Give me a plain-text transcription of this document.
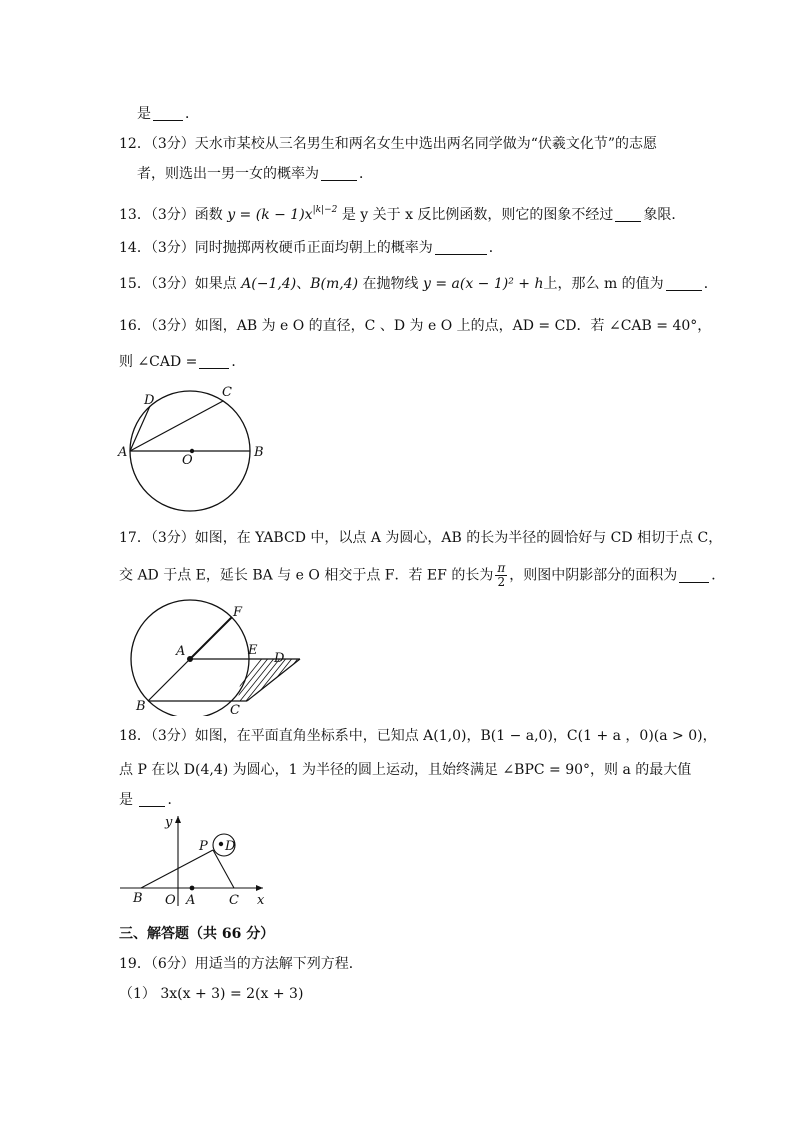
是 ．
12．（3分）天水市某校从三名男生和两名女生中选出两名同学做为“伏羲文化节”的志愿
者，则选出一男一女的概率为	．
13．（3分）函数 $y = (k - 1)x^{|k|-2}$ 是 y 关于 x 反比例函数，则它的图象不经过 象限．
14．（3分）同时抛掷两枚硬币正面均朝上的概率为	．
15．（3分）如果点 A(−1,4)、B(m,4) 在抛物线 y = a(x − 1)² + h上，那么 m 的值为	．
16．（3分）如图，AB 为 e O 的直径，C 、D 为 e O 上的点，AD = CD．若 ∠CAB = 40°，
则 ∠CAD = ．
A	B
C
D
O
17．（3分）如图，在 YABCD 中，以点 A 为圆心，AB 的长为半径的圆恰好与 CD 相切于点 C，
交 AD 于点 E，延长 BA 与 e O 相交于点 F．若 EF 的长为 $\frac{\pi}{2}$ ，则图中阴影部分的面积为 ．
A
B	C
D
E
F
18．（3分）如图，在平面直角坐标系中，已知点 A(1,0)，B(1 − a,0)，C(1 + a ，0)(a > 0)，
点 P 在以 D(4,4) 为圆心，1 为半径的圆上运动，且始终满足 ∠BPC = 90°，则 a 的最大值
是 ．
y
x
O A
B	C
P D
三、解答题（共 66 分）
19．（6分）用适当的方法解下列方程．
（1） 3x(x + 3) = 2(x + 3)
